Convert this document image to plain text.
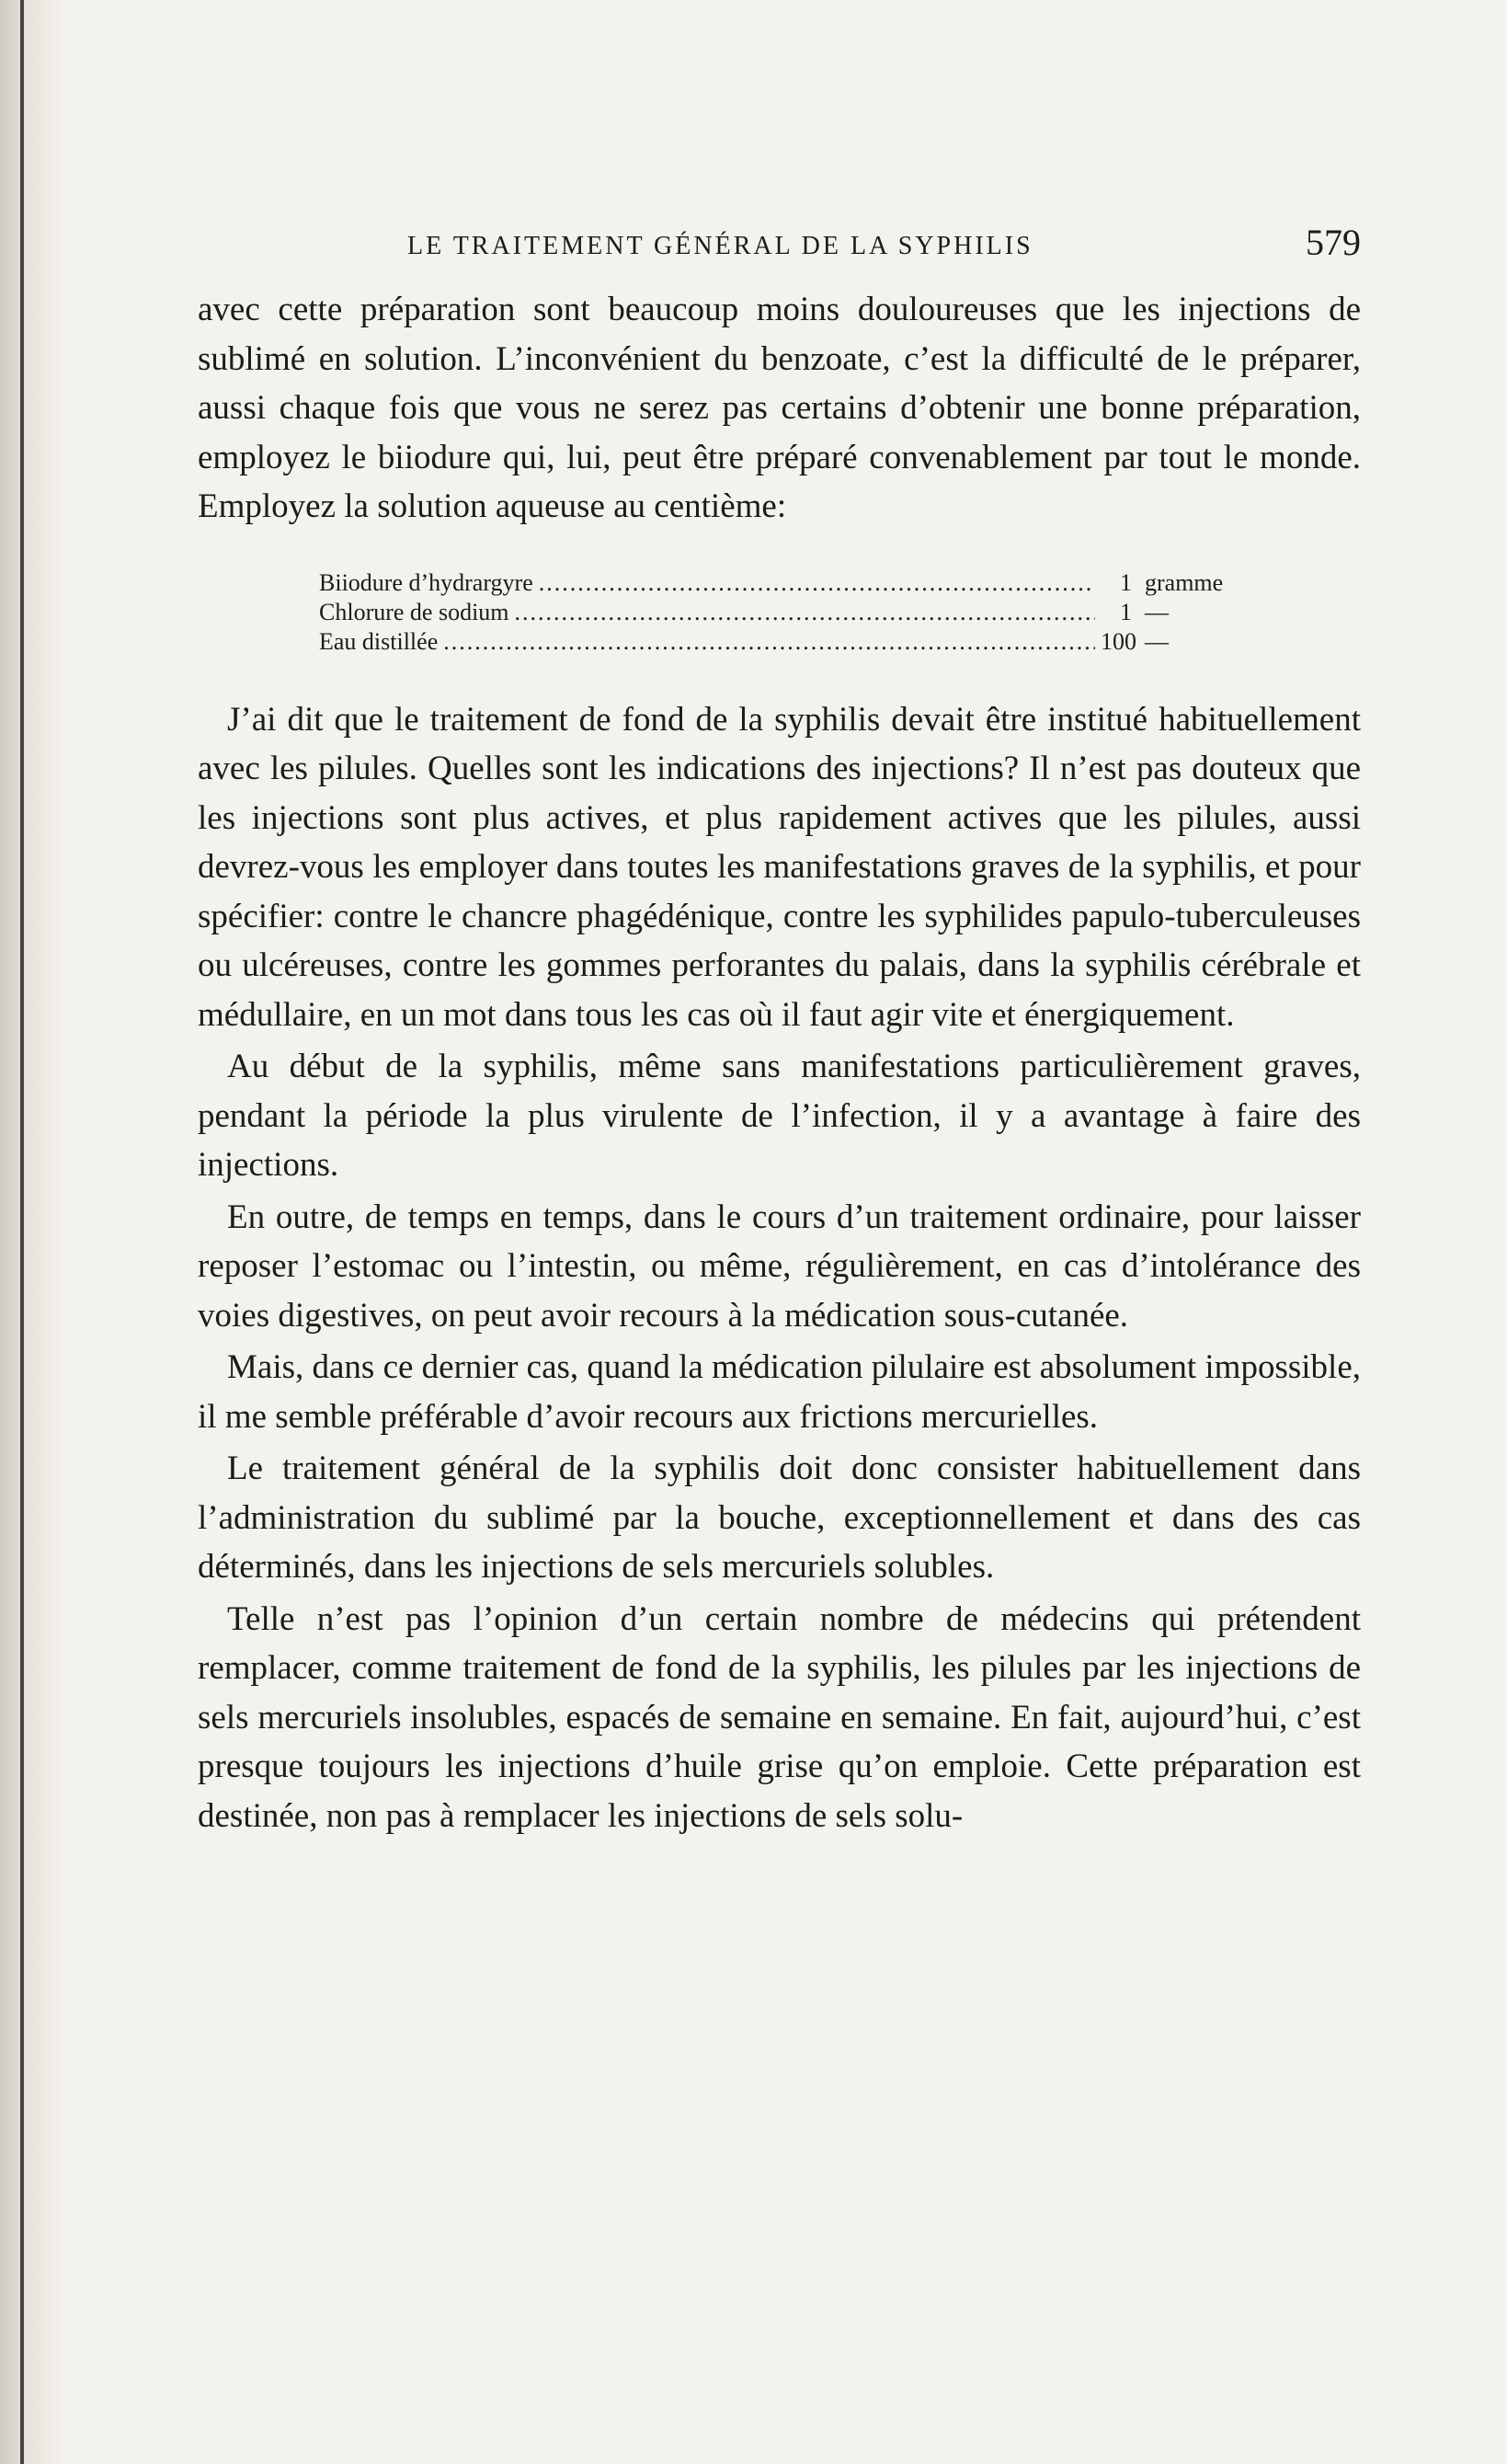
LE TRAITEMENT GÉNÉRAL DE LA SYPHILIS	579

avec cette préparation sont beaucoup moins douloureuses que les injections de sublimé en solution. L’inconvénient du benzoate, c’est la difficulté de le préparer, aussi chaque fois que vous ne serez pas certains d’obtenir une bonne préparation, employez le biiodure qui, lui, peut être préparé convenablement par tout le monde. Employez la solution aqueuse au centième:

Biiodure d’hydrargyre .....	1 gramme
Chlorure de sodium .....	1 —
Eau distillée .....	100 —

J’ai dit que le traitement de fond de la syphilis devait être institué habituellement avec les pilules. Quelles sont les indications des injections? Il n’est pas douteux que les injections sont plus actives, et plus rapidement actives que les pilules, aussi devrez-vous les employer dans toutes les manifestations graves de la syphilis, et pour spécifier: contre le chancre phagédénique, contre les syphilides papulo-tuberculeuses ou ulcéreuses, contre les gommes perforantes du palais, dans la syphilis cérébrale et médullaire, en un mot dans tous les cas où il faut agir vite et énergiquement.

Au début de la syphilis, même sans manifestations particulièrement graves, pendant la période la plus virulente de l’infection, il y a avantage à faire des injections.

En outre, de temps en temps, dans le cours d’un traitement ordinaire, pour laisser reposer l’estomac ou l’intestin, ou même, régulièrement, en cas d’intolérance des voies digestives, on peut avoir recours à la médication sous-cutanée.

Mais, dans ce dernier cas, quand la médication pilulaire est absolument impossible, il me semble préférable d’avoir recours aux frictions mercurielles.

Le traitement général de la syphilis doit donc consister habituellement dans l’administration du sublimé par la bouche, exceptionnellement et dans des cas déterminés, dans les injections de sels mercuriels solubles.

Telle n’est pas l’opinion d’un certain nombre de médecins qui prétendent remplacer, comme traitement de fond de la syphilis, les pilules par les injections de sels mercuriels insolubles, espacés de semaine en semaine. En fait, aujourd’hui, c’est presque toujours les injections d’huile grise qu’on emploie. Cette préparation est destinée, non pas à remplacer les injections de sels solu-
